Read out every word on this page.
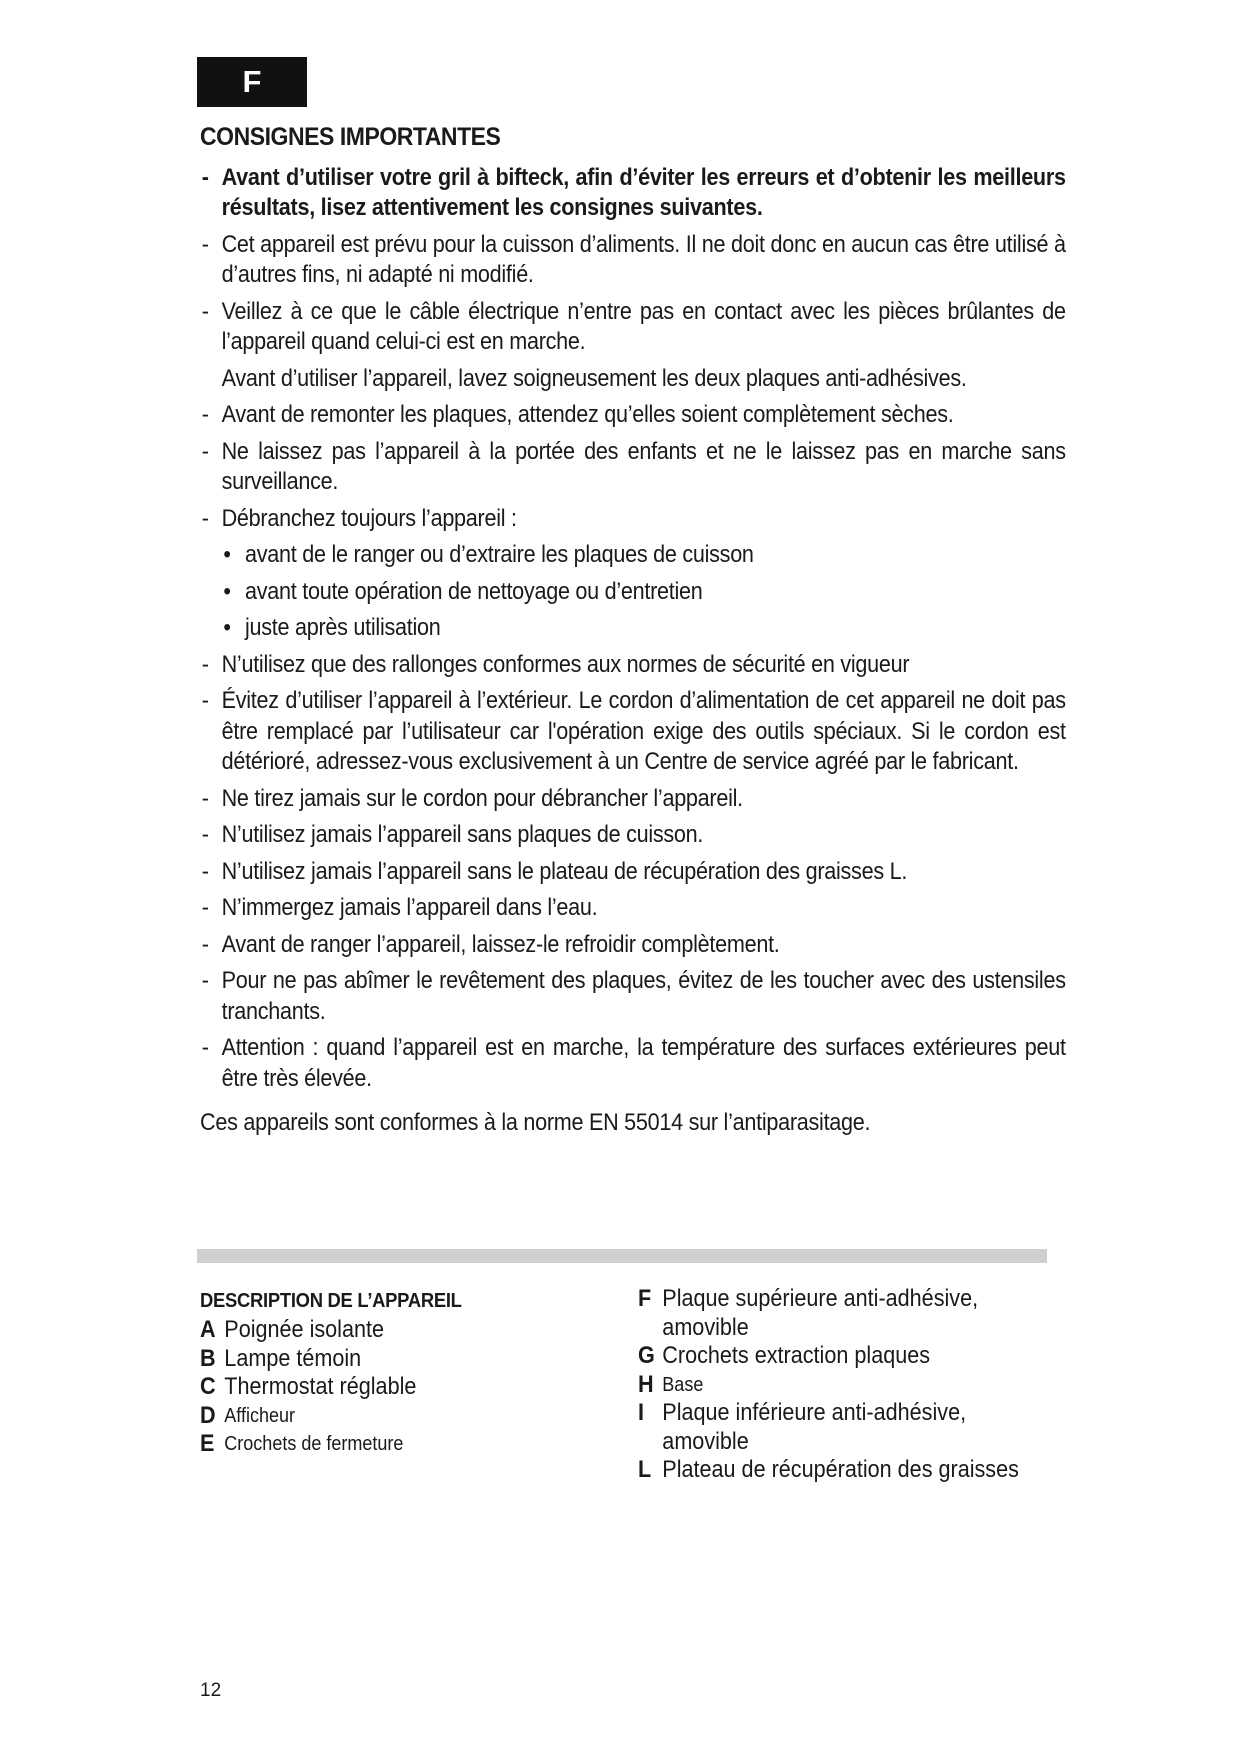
F
CONSIGNES IMPORTANTES
- Avant d’utiliser votre gril à bifteck, afin d’éviter les erreurs et d’obtenir les meilleurs résultats, lisez attentivement les consignes suivantes.
- Cet appareil est prévu pour la cuisson d’aliments. Il ne doit donc en aucun cas être utilisé à d’autres fins, ni adapté ni modifié.
- Veillez à ce que le câble électrique n’entre pas en contact avec les pièces brûlantes de l’appareil quand celui-ci est en marche.
Avant d’utiliser l’appareil, lavez soigneusement les deux plaques anti-adhésives.
- Avant de remonter les plaques, attendez qu’elles soient complètement sèches.
- Ne laissez pas l’appareil à la portée des enfants et ne le laissez pas en marche sans surveillance.
- Débranchez toujours l’appareil :
• avant de le ranger ou d’extraire les plaques de cuisson
• avant toute opération de nettoyage ou d’entretien
• juste après utilisation
- N’utilisez que des rallonges conformes aux normes de sécurité en vigueur
- Évitez d’utiliser l’appareil à l’extérieur. Le cordon d’alimentation de cet appareil ne doit pas être remplacé par l’utilisateur car l'opération exige des outils spéciaux. Si le cordon est détérioré, adressez-vous exclusivement à un Centre de service agréé par le fabricant.
- Ne tirez jamais sur le cordon pour débrancher l’appareil.
- N’utilisez jamais l’appareil sans plaques de cuisson.
- N’utilisez jamais l’appareil sans le plateau de récupération des graisses L.
- N’immergez jamais l’appareil dans l’eau.
- Avant de ranger l’appareil, laissez-le refroidir complètement.
- Pour ne pas abîmer le revêtement des plaques, évitez de les toucher avec des ustensiles tranchants.
- Attention : quand l’appareil est en marche, la température des surfaces extérieures peut être très élevée.
Ces appareils sont conformes à la norme EN 55014 sur l’antiparasitage.
DESCRIPTION DE L’APPAREIL
A Poignée isolante
B Lampe témoin
C Thermostat réglable
D Afficheur
E Crochets de fermeture
F Plaque supérieure anti-adhésive, amovible
G Crochets extraction plaques
H Base
I Plaque inférieure anti-adhésive, amovible
L Plateau de récupération des graisses
12
